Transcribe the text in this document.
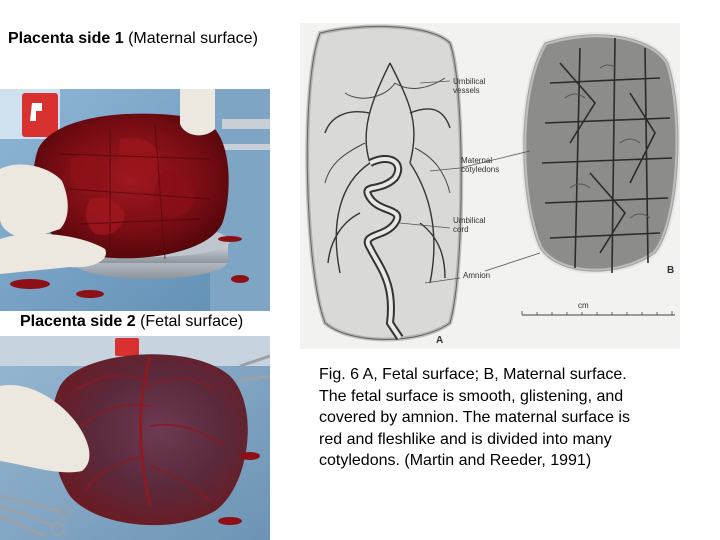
Placenta side 1 (Maternal surface)
Placenta side 2 (Fetal surface)
Umbilical
vessels
Maternal
cotyledons
Umbilical
cord
Amnion
cm
A
B
Fig. 6 A, Fetal surface; B, Maternal surface.
The fetal surface is smooth, glistening, and
covered by amnion. The maternal surface is
red and fleshlike and is divided into many
cotyledons. (Martin and Reeder, 1991)
